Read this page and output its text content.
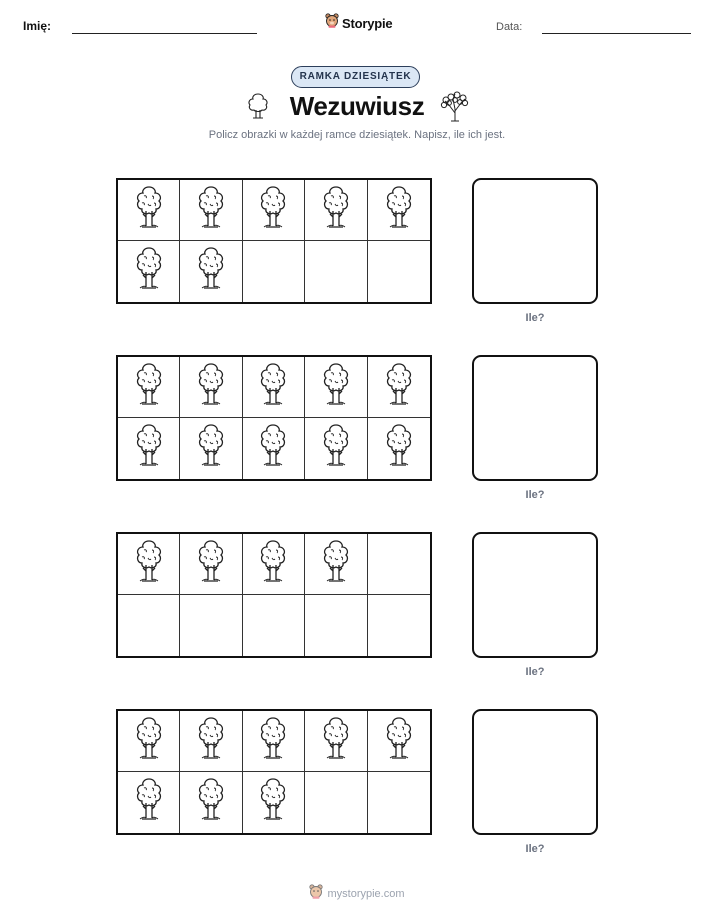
Imię:	Storypie	Data:
RAMKA DZIESIĄTEK
Wezuwiusz
Policz obrazki w każdej ramce dziesiątek. Napisz, ile ich jest.
Ile?
Ile?
Ile?
Ile?
mystorypie.com
